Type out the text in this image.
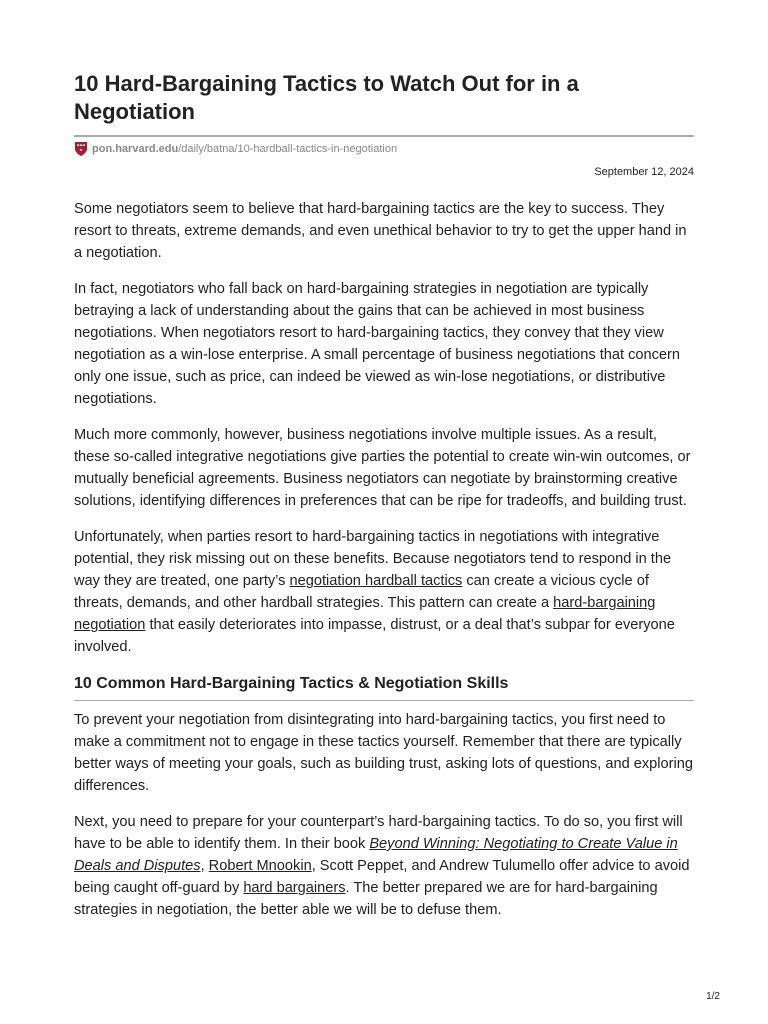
10 Hard-Bargaining Tactics to Watch Out for in a Negotiation
pon.harvard.edu/daily/batna/10-hardball-tactics-in-negotiation
September 12, 2024

Some negotiators seem to believe that hard-bargaining tactics are the key to success. They resort to threats, extreme demands, and even unethical behavior to try to get the upper hand in a negotiation.

In fact, negotiators who fall back on hard-bargaining strategies in negotiation are typically betraying a lack of understanding about the gains that can be achieved in most business negotiations. When negotiators resort to hard-bargaining tactics, they convey that they view negotiation as a win-lose enterprise. A small percentage of business negotiations that concern only one issue, such as price, can indeed be viewed as win-lose negotiations, or distributive negotiations.

Much more commonly, however, business negotiations involve multiple issues. As a result, these so-called integrative negotiations give parties the potential to create win-win outcomes, or mutually beneficial agreements. Business negotiators can negotiate by brainstorming creative solutions, identifying differences in preferences that can be ripe for tradeoffs, and building trust.

Unfortunately, when parties resort to hard-bargaining tactics in negotiations with integrative potential, they risk missing out on these benefits. Because negotiators tend to respond in the way they are treated, one party’s negotiation hardball tactics can create a vicious cycle of threats, demands, and other hardball strategies. This pattern can create a hard-bargaining negotiation that easily deteriorates into impasse, distrust, or a deal that’s subpar for everyone involved.

10 Common Hard-Bargaining Tactics & Negotiation Skills

To prevent your negotiation from disintegrating into hard-bargaining tactics, you first need to make a commitment not to engage in these tactics yourself. Remember that there are typically better ways of meeting your goals, such as building trust, asking lots of questions, and exploring differences.

Next, you need to prepare for your counterpart’s hard-bargaining tactics. To do so, you first will have to be able to identify them. In their book Beyond Winning: Negotiating to Create Value in Deals and Disputes, Robert Mnookin, Scott Peppet, and Andrew Tulumello offer advice to avoid being caught off-guard by hard bargainers. The better prepared we are for hard-bargaining strategies in negotiation, the better able we will be to defuse them.

1/2
